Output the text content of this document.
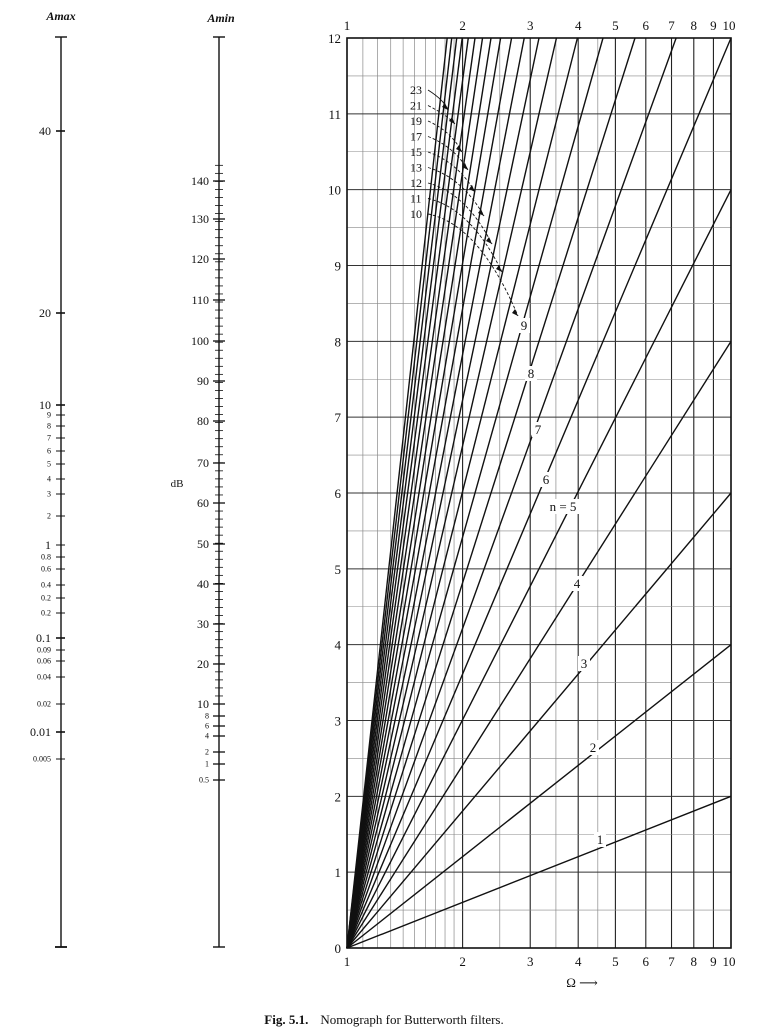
Amax
40
20
10
9
8
7
6
5
4
3
2
1
0.8
0.6
0.4
0.2
0.2
0.1
0.09
0.06
0.04
0.02
0.01
0.005
Amin
dB
140
130
120
110
100
90
80
70
60
50
40
30
20
10
8
6
4
2
1
0.5
1
1
2
2
3
3
4
4
5
5
6
6
7
7
8
8
9
9
10
10
0
1
2
3
4
5
6
7
8
9
10
11
12
Ω ⟶
23
21
19
17
15
13
12
11
10
9
8
7
6
n = 5
4
3
2
1
Fig. 5.1. Nomograph for Butterworth filters.
